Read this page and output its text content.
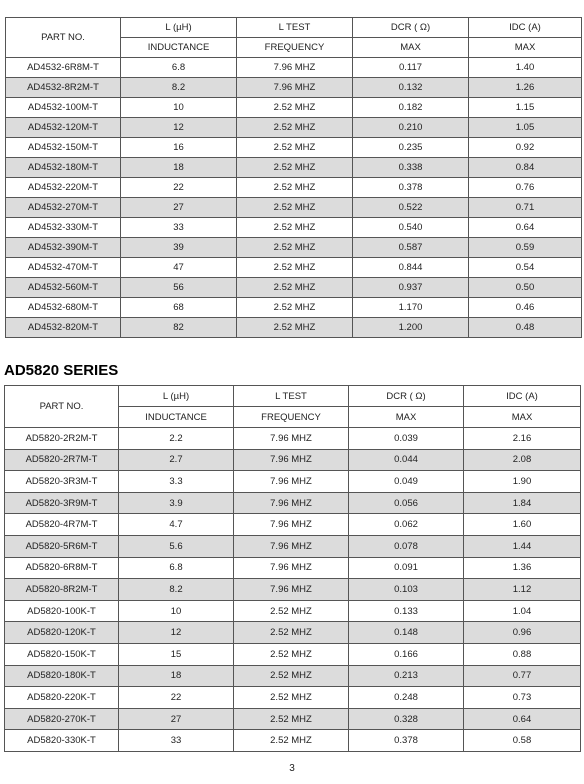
PART NO.	L (µH)	L TEST	DCR ( Ω)	IDC (A)
	INDUCTANCE	FREQUENCY	MAX	MAX
AD4532-6R8M-T	6.8	7.96 MHZ	0.117	1.40
AD4532-8R2M-T	8.2	7.96 MHZ	0.132	1.26
AD4532-100M-T	10	2.52 MHZ	0.182	1.15
AD4532-120M-T	12	2.52 MHZ	0.210	1.05
AD4532-150M-T	16	2.52 MHZ	0.235	0.92
AD4532-180M-T	18	2.52 MHZ	0.338	0.84
AD4532-220M-T	22	2.52 MHZ	0.378	0.76
AD4532-270M-T	27	2.52 MHZ	0.522	0.71
AD4532-330M-T	33	2.52 MHZ	0.540	0.64
AD4532-390M-T	39	2.52 MHZ	0.587	0.59
AD4532-470M-T	47	2.52 MHZ	0.844	0.54
AD4532-560M-T	56	2.52 MHZ	0.937	0.50
AD4532-680M-T	68	2.52 MHZ	1.170	0.46
AD4532-820M-T	82	2.52 MHZ	1.200	0.48
AD5820 SERIES
PART NO.	L (µH)	L TEST	DCR ( Ω)	IDC (A)
	INDUCTANCE	FREQUENCY	MAX	MAX
AD5820-2R2M-T	2.2	7.96 MHZ	0.039	2.16
AD5820-2R7M-T	2.7	7.96 MHZ	0.044	2.08
AD5820-3R3M-T	3.3	7.96 MHZ	0.049	1.90
AD5820-3R9M-T	3.9	7.96 MHZ	0.056	1.84
AD5820-4R7M-T	4.7	7.96 MHZ	0.062	1.60
AD5820-5R6M-T	5.6	7.96 MHZ	0.078	1.44
AD5820-6R8M-T	6.8	7.96 MHZ	0.091	1.36
AD5820-8R2M-T	8.2	7.96 MHZ	0.103	1.12
AD5820-100K-T	10	2.52 MHZ	0.133	1.04
AD5820-120K-T	12	2.52 MHZ	0.148	0.96
AD5820-150K-T	15	2.52 MHZ	0.166	0.88
AD5820-180K-T	18	2.52 MHZ	0.213	0.77
AD5820-220K-T	22	2.52 MHZ	0.248	0.73
AD5820-270K-T	27	2.52 MHZ	0.328	0.64
AD5820-330K-T	33	2.52 MHZ	0.378	0.58
3
